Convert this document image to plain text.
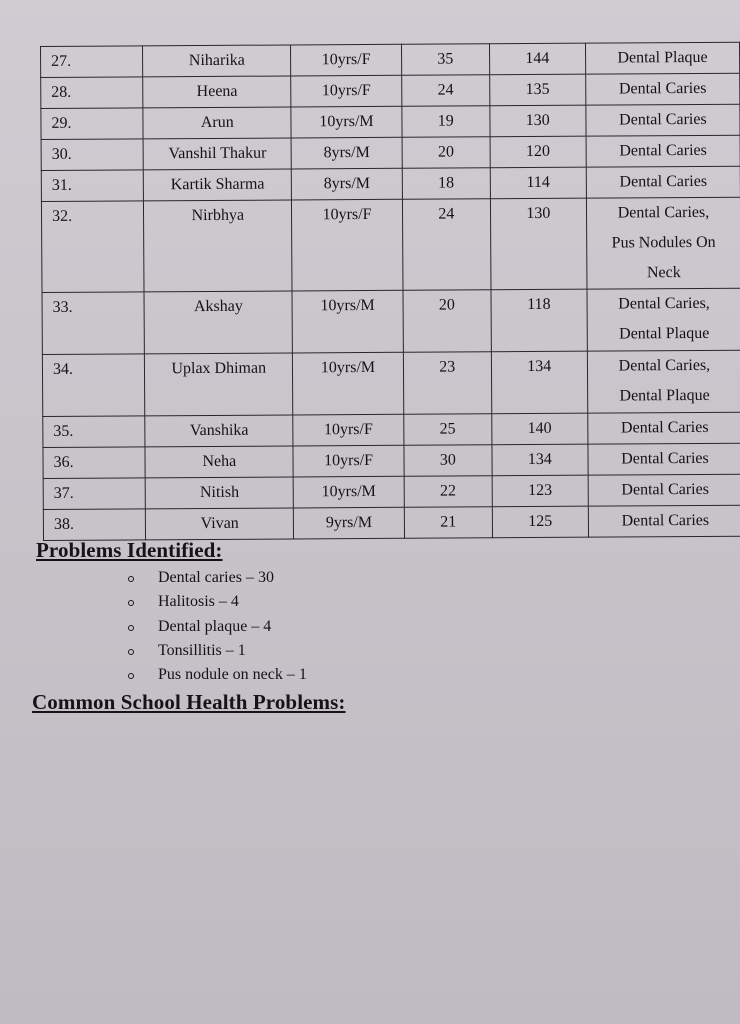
27.	Niharika	10yrs/F	35	144	Dental Plaque

28.	Heena	10yrs/F	24	135	Dental Caries

29.	Arun	10yrs/M	19	130	Dental Caries

30.	Vanshil Thakur	8yrs/M	20	120	Dental Caries

31.	Kartik Sharma	8yrs/M	18	114	Dental Caries

32.	Nirbhya	10yrs/F	24	130	Dental Caries,
Pus Nodules On
Neck

33.	Akshay	10yrs/M	20	118	Dental Caries,
Dental Plaque

34.	Uplax Dhiman	10yrs/M	23	134	Dental Caries,
Dental Plaque

35.	Vanshika	10yrs/F	25	140	Dental Caries

36.	Neha	10yrs/F	30	134	Dental Caries

37.	Nitish	10yrs/M	22	123	Dental Caries

38.	Vivan	9yrs/M	21	125	Dental Caries
Problems Identified:
Dental caries – 30
Halitosis – 4
Dental plaque – 4
Tonsillitis – 1
Pus nodule on neck – 1
Common School Health Problems:
